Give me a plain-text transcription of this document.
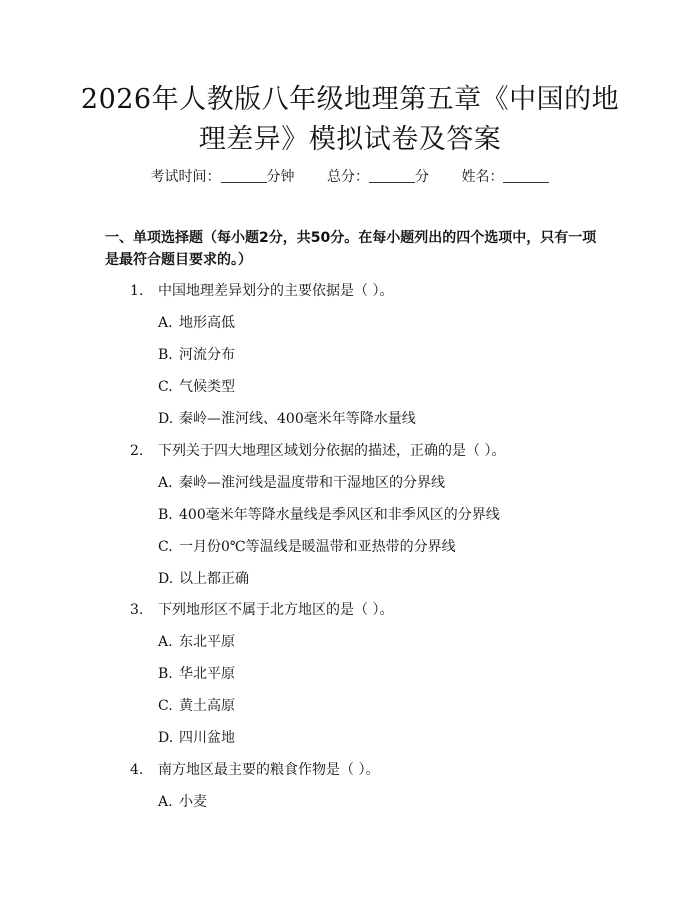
2026年人教版八年级地理第五章《中国的地理差异》模拟试卷及答案
考试时间：	分钟 总分：	分 姓名：

一、单项选择题（每小题2分，共50分。在每小题列出的四个选项中，只有一项是最符合题目要求的。）

1. 中国地理差异划分的主要依据是（ ）。
A. 地形高低
B. 河流分布
C. 气候类型
D. 秦岭—淮河线、400毫米年等降水量线
2. 下列关于四大地理区域划分依据的描述，正确的是（ ）。
A. 秦岭—淮河线是温度带和干湿地区的分界线
B. 400毫米年等降水量线是季风区和非季风区的分界线
C. 一月份0℃等温线是暖温带和亚热带的分界线
D. 以上都正确
3. 下列地形区不属于北方地区的是（ ）。
A. 东北平原
B. 华北平原
C. 黄土高原
D. 四川盆地
4. 南方地区最主要的粮食作物是（ ）。
A. 小麦
